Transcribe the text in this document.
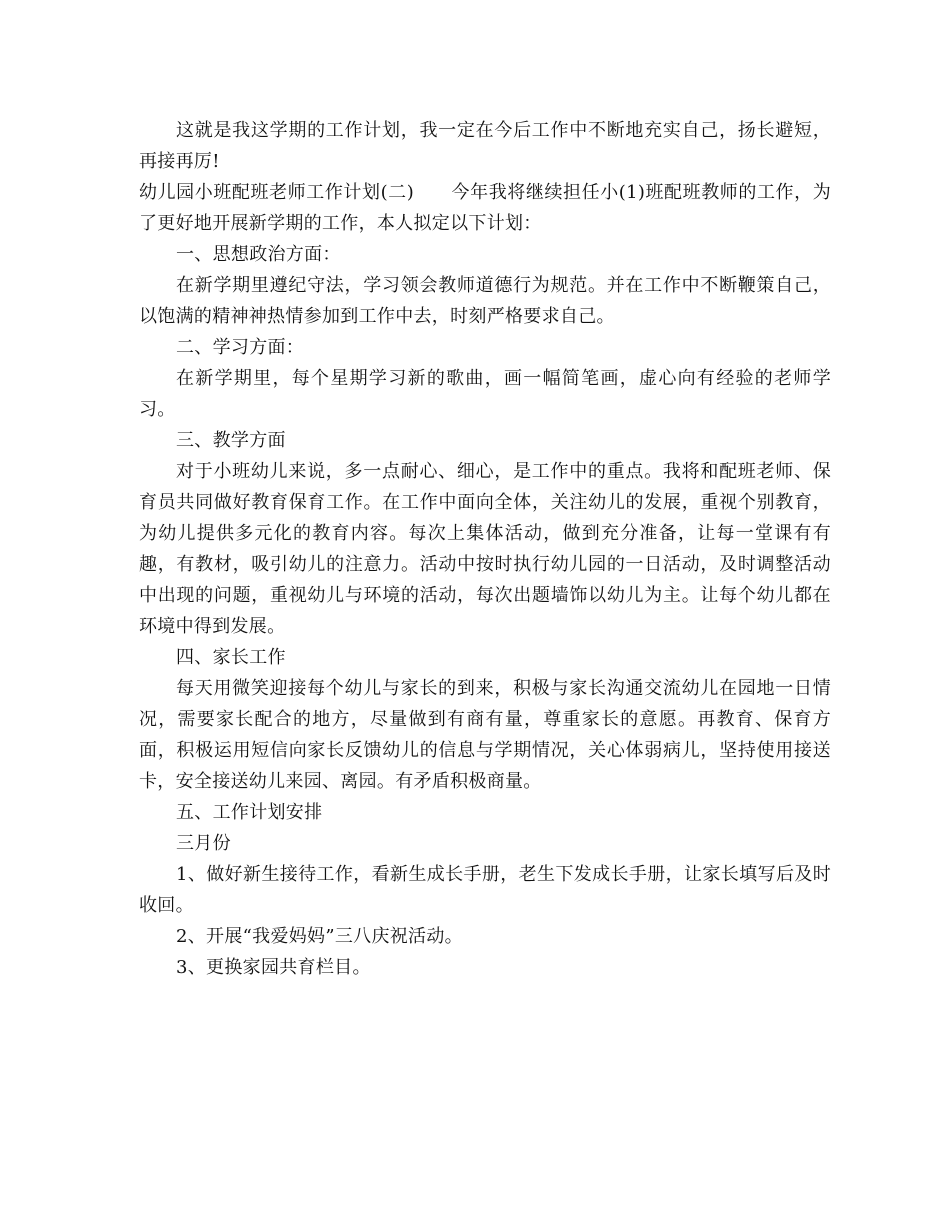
这就是我这学期的工作计划，我一定在今后工作中不断地充实自己，扬长避短，再接再厉!

幼儿园小班配班老师工作计划(二)　　今年我将继续担任小(1)班配班教师的工作，为了更好地开展新学期的工作，本人拟定以下计划：

一、思想政治方面：

在新学期里遵纪守法，学习领会教师道德行为规范。并在工作中不断鞭策自己，以饱满的精神神热情参加到工作中去，时刻严格要求自己。

二、学习方面：

在新学期里，每个星期学习新的歌曲，画一幅简笔画，虚心向有经验的老师学习。

三、教学方面

对于小班幼儿来说，多一点耐心、细心，是工作中的重点。我将和配班老师、保育员共同做好教育保育工作。在工作中面向全体，关注幼儿的发展，重视个别教育，为幼儿提供多元化的教育内容。每次上集体活动，做到充分准备，让每一堂课有有趣，有教材，吸引幼儿的注意力。活动中按时执行幼儿园的一日活动，及时调整活动中出现的问题，重视幼儿与环境的活动，每次出题墙饰以幼儿为主。让每个幼儿都在环境中得到发展。

四、家长工作

每天用微笑迎接每个幼儿与家长的到来，积极与家长沟通交流幼儿在园地一日情况，需要家长配合的地方，尽量做到有商有量，尊重家长的意愿。再教育、保育方面，积极运用短信向家长反馈幼儿的信息与学期情况，关心体弱病儿，坚持使用接送卡，安全接送幼儿来园、离园。有矛盾积极商量。

五、工作计划安排

三月份

1、做好新生接待工作，看新生成长手册，老生下发成长手册，让家长填写后及时收回。

2、开展“我爱妈妈”三八庆祝活动。

3、更换家园共育栏目。
